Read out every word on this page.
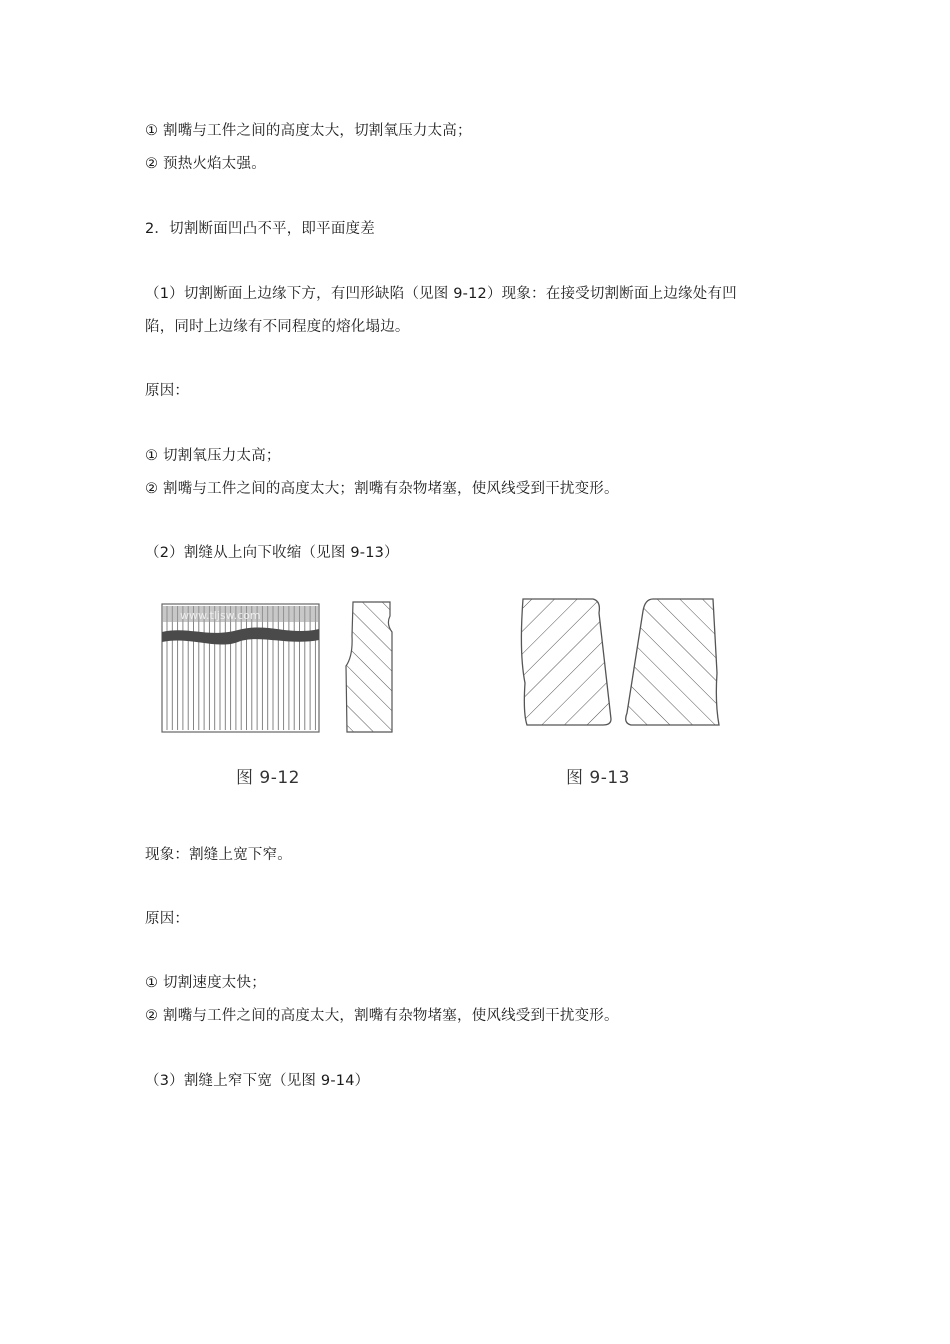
① 割嘴与工件之间的高度太大，切割氧压力太高；
② 预热火焰太强。
2．切割断面凹凸不平，即平面度差
（1）切割断面上边缘下方，有凹形缺陷（见图 9-12）现象：在接受切割断面上边缘处有凹
陷，同时上边缘有不同程度的熔化塌边。
原因：
① 切割氧压力太高；
② 割嘴与工件之间的高度太大；割嘴有杂物堵塞，使风线受到干扰变形。
（2）割缝从上向下收缩（见图 9-13）
www.tljsw.com
图 9-12	图 9-13
现象：割缝上宽下窄。
原因：
① 切割速度太快；
② 割嘴与工件之间的高度太大，割嘴有杂物堵塞，使风线受到干扰变形。
（3）割缝上窄下宽（见图 9-14）
